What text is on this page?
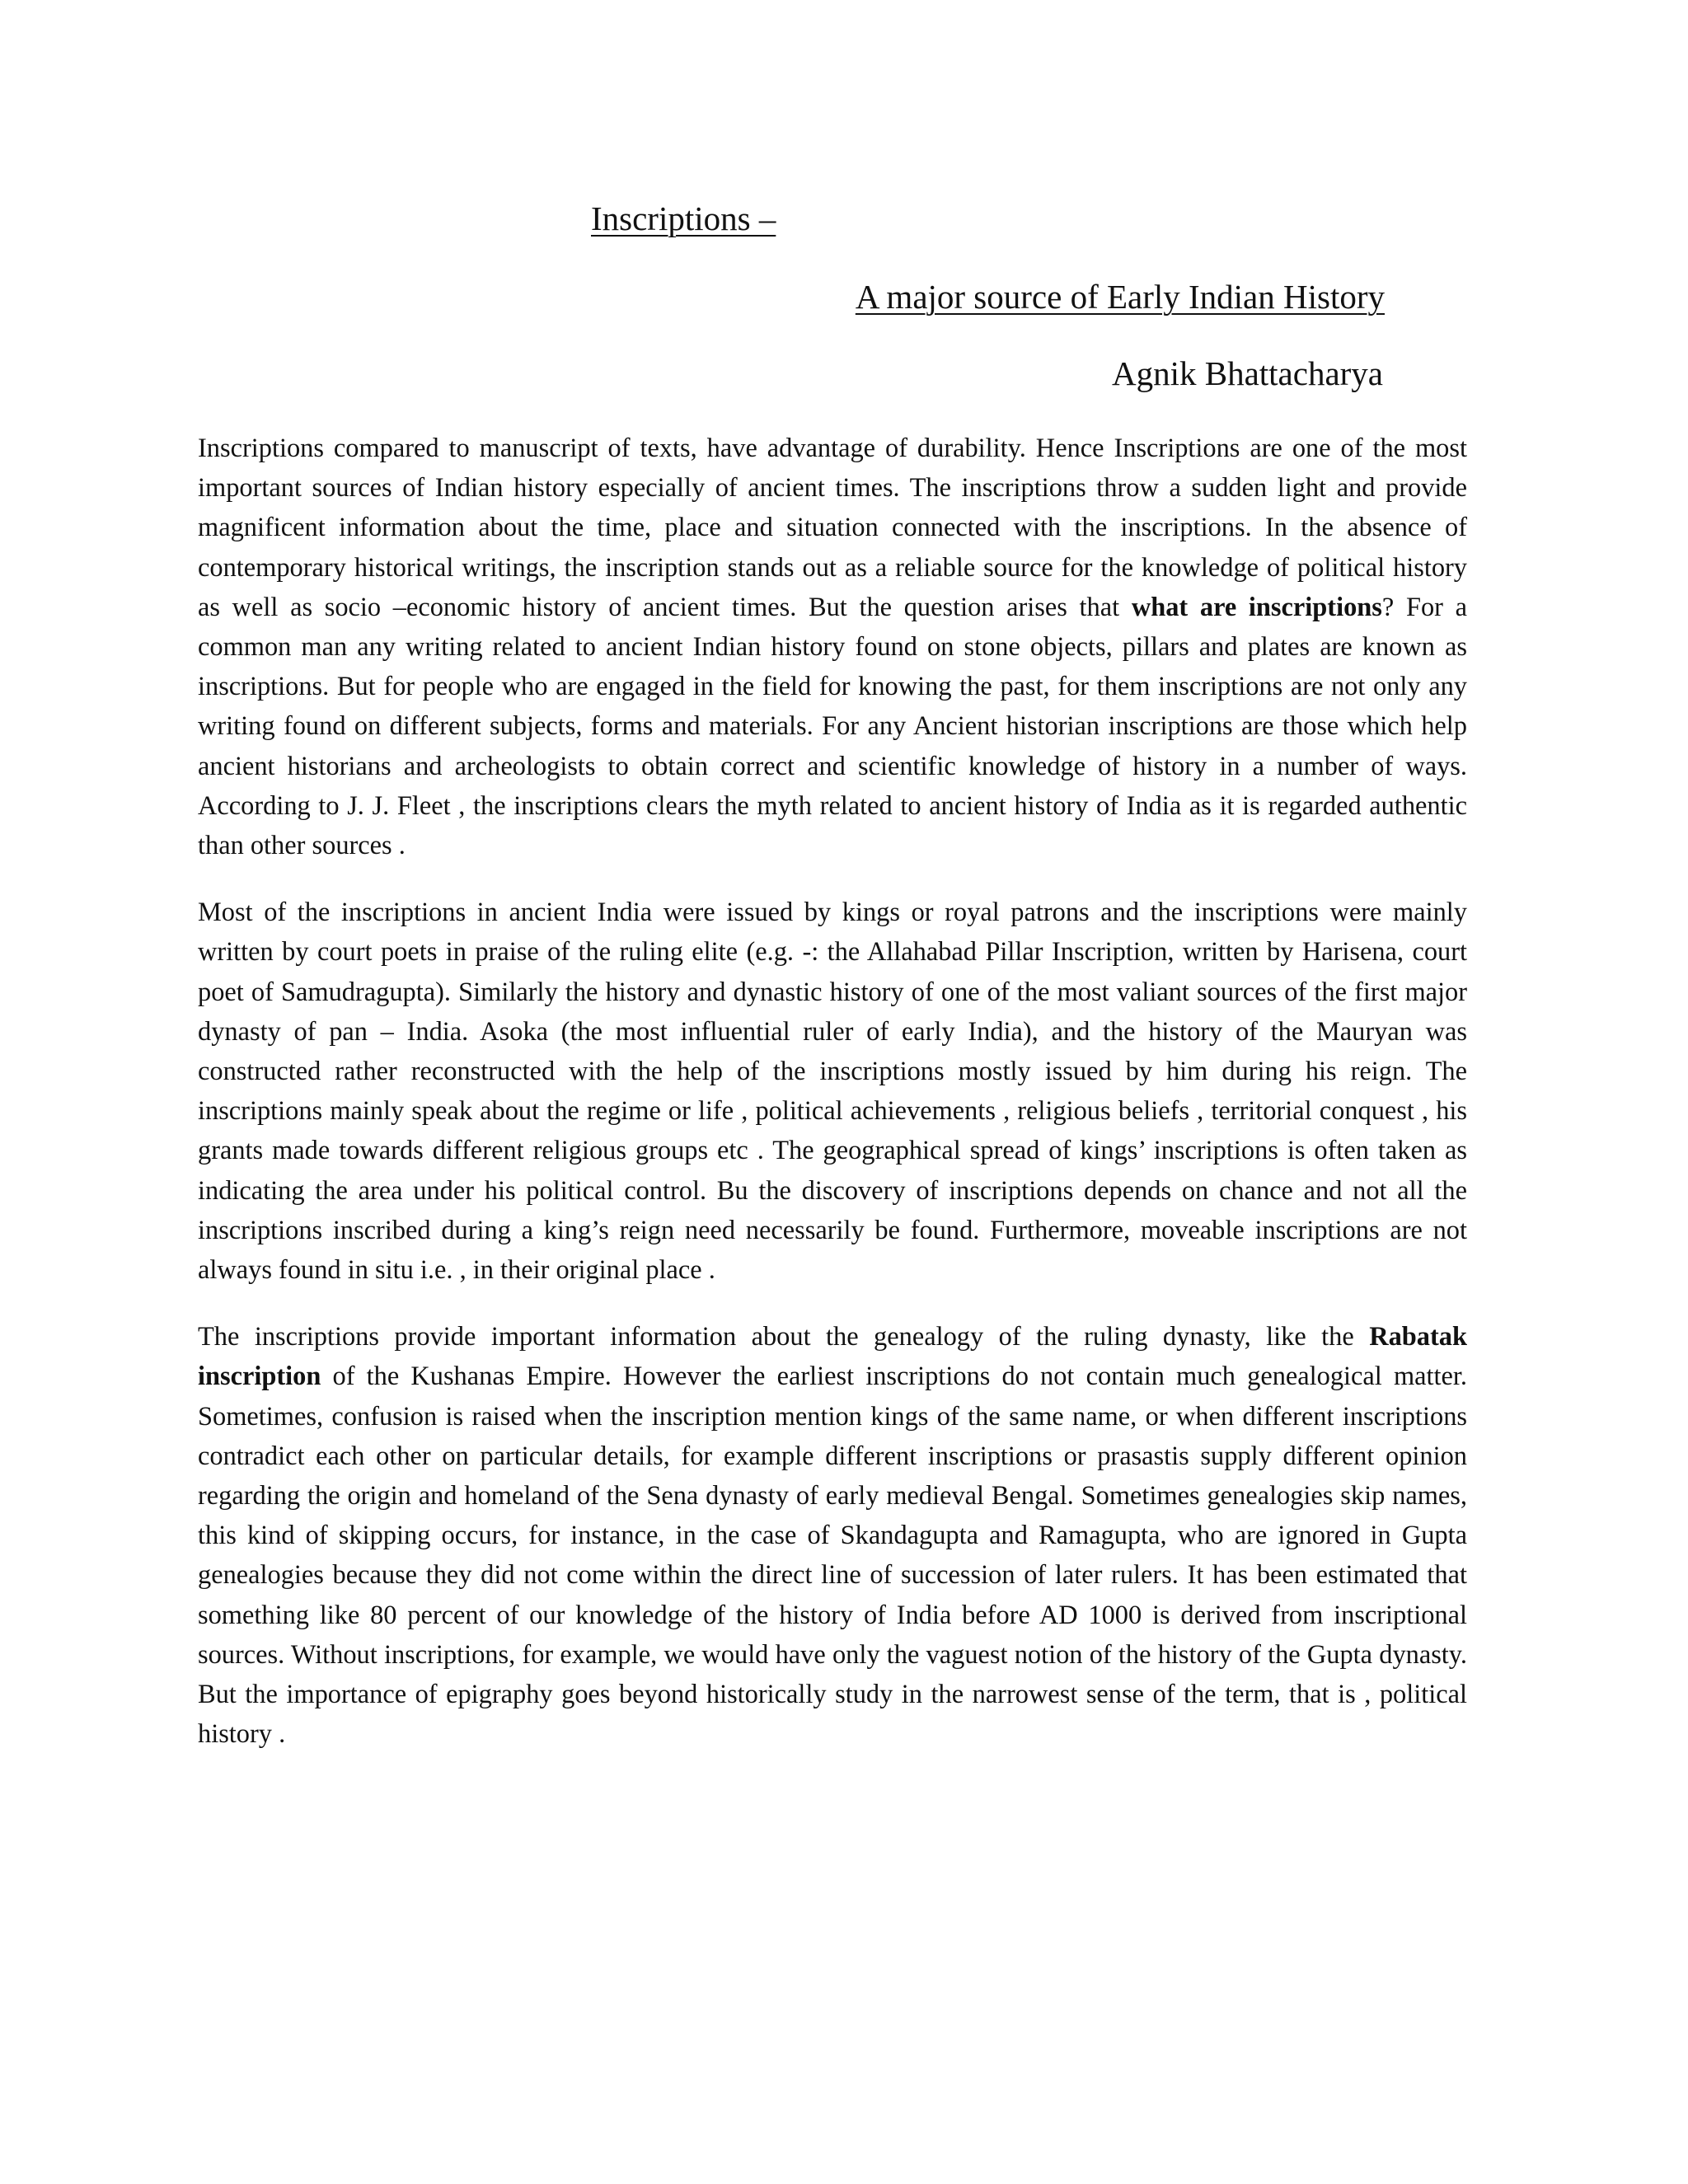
Inscriptions –
A major source of Early Indian History
Agnik Bhattacharya

Inscriptions compared to manuscript of texts, have advantage of durability. Hence Inscriptions are one of the most important sources of Indian history especially of ancient times. The inscriptions throw a sudden light and provide magnificent information about the time, place and situation connected with the inscriptions. In the absence of contemporary historical writings, the inscription stands out as a reliable source for the knowledge of political history as well as socio –economic history of ancient times. But the question arises that what are inscriptions? For a common man any writing related to ancient Indian history found on stone objects, pillars and plates are known as inscriptions. But for people who are engaged in the field for knowing the past, for them inscriptions are not only any writing found on different subjects, forms and materials. For any Ancient historian inscriptions are those which help ancient historians and archeologists to obtain correct and scientific knowledge of history in a number of ways. According to J. J. Fleet , the inscriptions clears the myth related to ancient history of India as it is regarded authentic than other sources .

Most of the inscriptions in ancient India were issued by kings or royal patrons and the inscriptions were mainly written by court poets in praise of the ruling elite (e.g. -: the Allahabad Pillar Inscription, written by Harisena, court poet of Samudragupta). Similarly the history and dynastic history of one of the most valiant sources of the first major dynasty of pan – India. Asoka (the most influential ruler of early India), and the history of the Mauryan was constructed rather reconstructed with the help of the inscriptions mostly issued by him during his reign. The inscriptions mainly speak about the regime or life , political achievements , religious beliefs , territorial conquest , his grants made towards different religious groups etc . The geographical spread of kings’ inscriptions is often taken as indicating the area under his political control. Bu the discovery of inscriptions depends on chance and not all the inscriptions inscribed during a king’s reign need necessarily be found. Furthermore, moveable inscriptions are not always found in situ i.e. , in their original place .

The inscriptions provide important information about the genealogy of the ruling dynasty, like the Rabatak inscription of the Kushanas Empire. However the earliest inscriptions do not contain much genealogical matter. Sometimes, confusion is raised when the inscription mention kings of the same name, or when different inscriptions contradict each other on particular details, for example different inscriptions or prasastis supply different opinion regarding the origin and homeland of the Sena dynasty of early medieval Bengal. Sometimes genealogies skip names, this kind of skipping occurs, for instance, in the case of Skandagupta and Ramagupta, who are ignored in Gupta genealogies because they did not come within the direct line of succession of later rulers. It has been estimated that something like 80 percent of our knowledge of the history of India before AD 1000 is derived from inscriptional sources. Without inscriptions, for example, we would have only the vaguest notion of the history of the Gupta dynasty. But the importance of epigraphy goes beyond historically study in the narrowest sense of the term, that is , political history .
